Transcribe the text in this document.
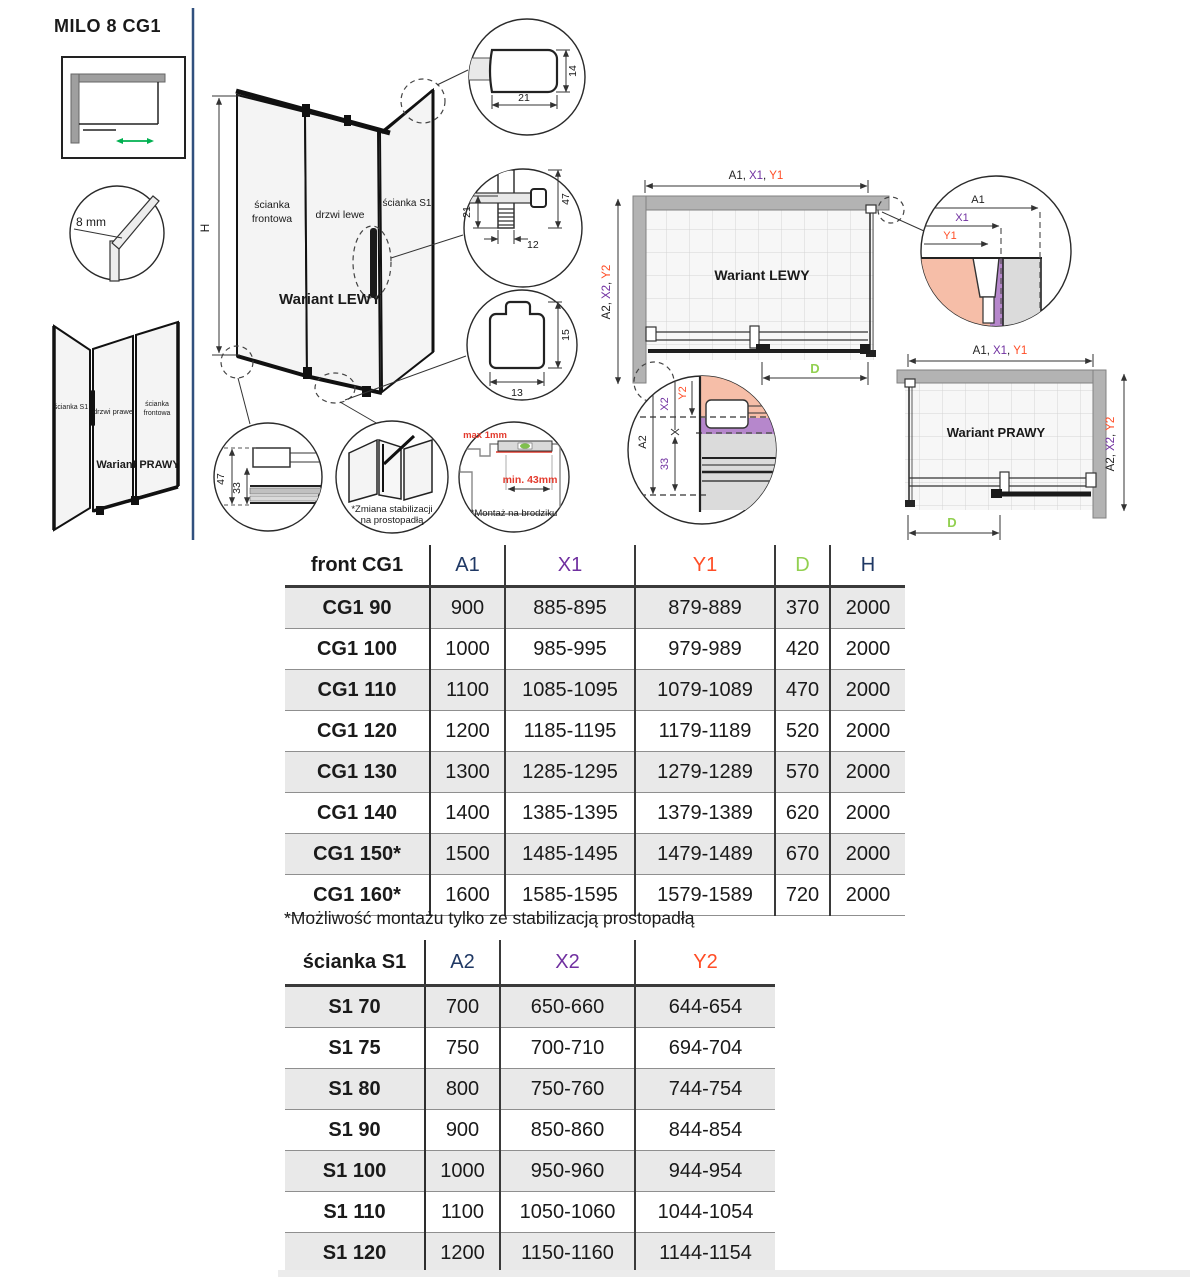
MILO 8 CG1
8 mm
ścianka S1 drzwi prawe
ścianka
frontowa
Wariant PRAWY
H
ścianka
frontowa drzwi lewe
ścianka S1
Wariant LEWY
21
14
21
12
47
15
13
47
33
*Zmiana stabilizacji
na prostopadłą
max 1mm
min. 43mm
*Montaż na brodziku
A1, X1, Y1
A2,X2,Y2	Wariant LEWY
D
A1
X1
Y1
Y2
X2
A2
33
A1, X1, Y1
A2,X2,Y2
Wariant PRAWY
D
front CG1	A1	X1	Y1	D	H
CG1 90	900	885-895	879-889	370	2000
CG1 100	1000	985-995	979-989	420	2000
CG1 110	1100	1085-1095	1079-1089	470	2000
CG1 120	1200	1185-1195	1179-1189	520	2000
CG1 130	1300	1285-1295	1279-1289	570	2000
CG1 140	1400	1385-1395	1379-1389	620	2000
CG1 150*	1500	1485-1495	1479-1489	670	2000
CG1 160*	1600	1585-1595	1579-1589	720	2000
*Możliwość montażu tylko ze stabilizacją prostopadłą
ścianka S1	A2	X2	Y2
S1 70	700	650-660	644-654
S1 75	750	700-710	694-704
S1 80	800	750-760	744-754
S1 90	900	850-860	844-854
S1 100	1000	950-960	944-954
S1 110	1100	1050-1060	1044-1054
S1 120	1200	1150-1160	1144-1154
